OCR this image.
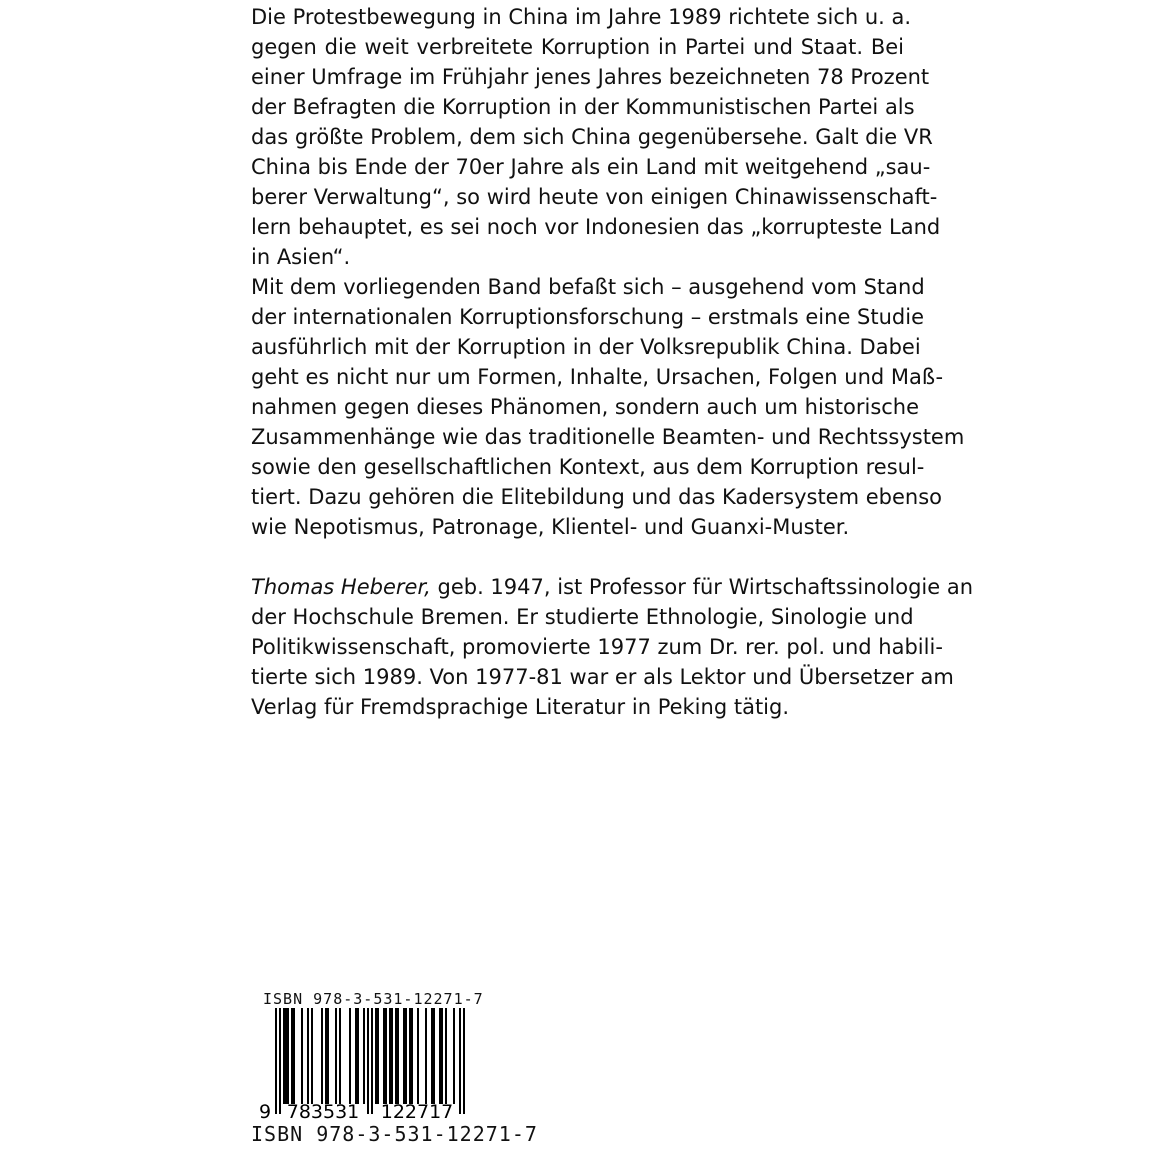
Die Protestbewegung in China im Jahre 1989 richtete sich u. a.
gegen die weit verbreitete Korruption in Partei und Staat. Bei
einer Umfrage im Frühjahr jenes Jahres bezeichneten 78 Prozent
der Befragten die Korruption in der Kommunistischen Partei als
das größte Problem, dem sich China gegenübersehe. Galt die VR
China bis Ende der 70er Jahre als ein Land mit weitgehend „sau-
berer Verwaltung“, so wird heute von einigen Chinawissenschaft-
lern behauptet, es sei noch vor Indonesien das „korrupteste Land
in Asien“.
Mit dem vorliegenden Band befaßt sich – ausgehend vom Stand
der internationalen Korruptionsforschung – erstmals eine Studie
ausführlich mit der Korruption in der Volksrepublik China. Dabei
geht es nicht nur um Formen, Inhalte, Ursachen, Folgen und Maß-
nahmen gegen dieses Phänomen, sondern auch um historische
Zusammenhänge wie das traditionelle Beamten- und Rechtssystem
sowie den gesellschaftlichen Kontext, aus dem Korruption resul-
tiert. Dazu gehören die Elitebildung und das Kadersystem ebenso
wie Nepotismus, Patronage, Klientel- und Guanxi-Muster.
Thomas Heberer, geb. 1947, ist Professor für Wirtschaftssinologie an
der Hochschule Bremen. Er studierte Ethnologie, Sinologie und
Politikwissenschaft, promovierte 1977 zum Dr. rer. pol. und habili-
tierte sich 1989. Von 1977-81 war er als Lektor und Übersetzer am
Verlag für Fremdsprachige Literatur in Peking tätig.
ISBN 978-3-531-12271-7
9 783531 122717
ISBN 978-3-531-12271-7
